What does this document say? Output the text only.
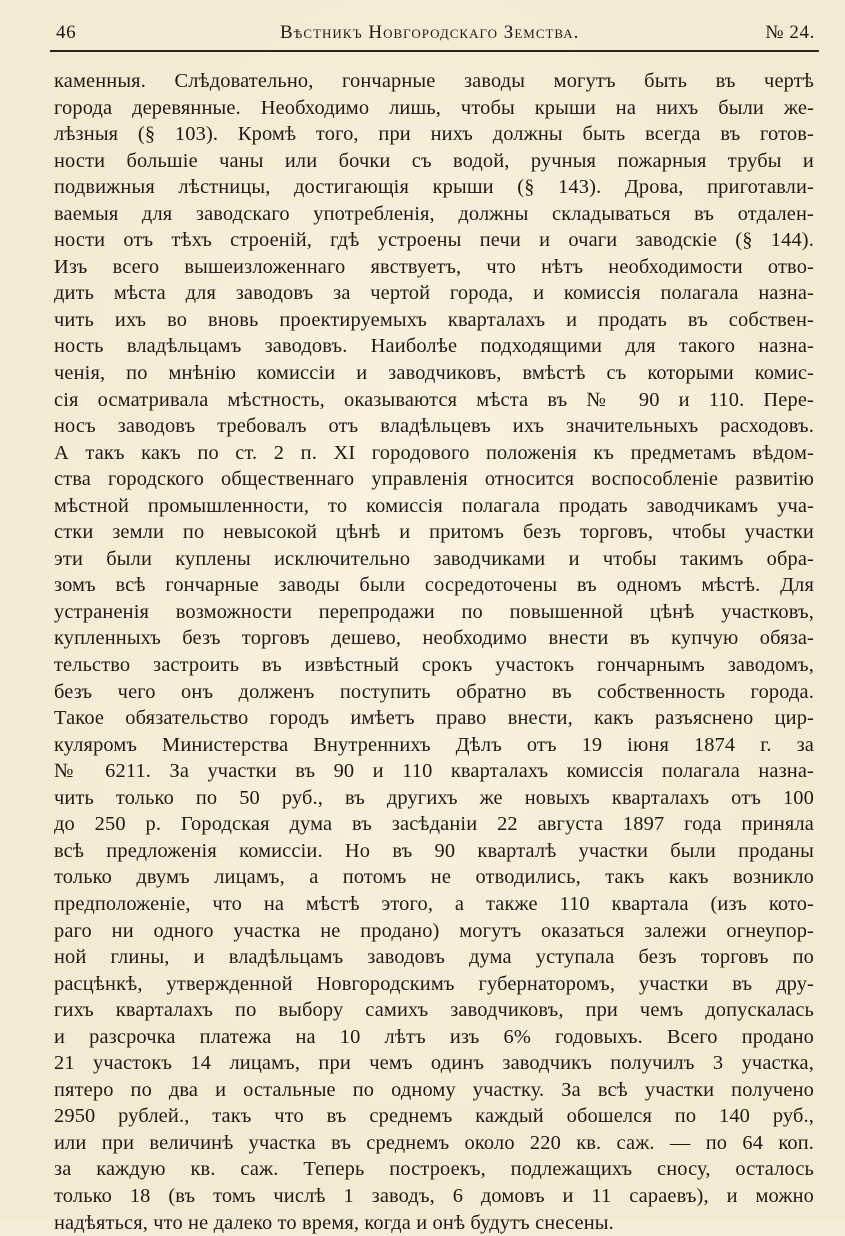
46	Вѣстникъ Новгородскаго Земства.	№ 24.
каменныя. Слѣдовательно, гончарные заводы могутъ быть въ чертѣ
города деревянные. Необходимо лишь, чтобы крыши на нихъ были же-
лѣзныя (§ 103). Кромѣ того, при нихъ должны быть всегда въ готов-
ности большіе чаны или бочки съ водой, ручныя пожарныя трубы и
подвижныя лѣстницы, достигающія крыши (§ 143). Дрова, приготавли-
ваемыя для заводскаго употребленія, должны складываться въ отдален-
ности отъ тѣхъ строеній, гдѣ устроены печи и очаги заводскіе (§ 144).
Изъ всего вышеизложеннаго явствуетъ, что нѣтъ необходимости отво-
дить мѣста для заводовъ за чертой города, и комиссія полагала назна-
чить ихъ во вновь проектируемыхъ кварталахъ и продать въ собствен-
ность владѣльцамъ заводовъ. Наиболѣе подходящими для такого назна-
ченія, по мнѣнію комиссіи и заводчиковъ, вмѣстѣ съ которыми комис-
сія осматривала мѣстность, оказываются мѣста въ № 90 и 110. Пере-
носъ заводовъ требовалъ отъ владѣльцевъ ихъ значительныхъ расходовъ.
А такъ какъ по ст. 2 п. XI городового положенія къ предметамъ вѣдом-
ства городского общественнаго управленія относится воспособленіе развитію
мѣстной промышленности, то комиссія полагала продать заводчикамъ уча-
стки земли по невысокой цѣнѣ и притомъ безъ торговъ, чтобы участки
эти были куплены исключительно заводчиками и чтобы такимъ обра-
зомъ всѣ гончарные заводы были сосредоточены въ одномъ мѣстѣ. Для
устраненія возможности перепродажи по повышенной цѣнѣ участковъ,
купленныхъ безъ торговъ дешево, необходимо внести въ купчую обяза-
тельство застроить въ извѣстный срокъ участокъ гончарнымъ заводомъ,
безъ чего онъ долженъ поступить обратно въ собственность города.
Такое обязательство городъ имѣетъ право внести, какъ разъяснено цир-
куляромъ Министерства Внутреннихъ Дѣлъ отъ 19 іюня 1874 г. за
№ 6211. За участки въ 90 и 110 кварталахъ комиссія полагала назна-
чить только по 50 руб., въ другихъ же новыхъ кварталахъ отъ 100
до 250 р. Городская дума въ засѣданіи 22 августа 1897 года приняла
всѣ предложенія комиссіи. Но въ 90 кварталѣ участки были проданы
только двумъ лицамъ, а потомъ не отводились, такъ какъ возникло
предположеніе, что на мѣстѣ этого, а также 110 квартала (изъ кото-
раго ни одного участка не продано) могутъ оказаться залежи огнеупор-
ной глины, и владѣльцамъ заводовъ дума уступала безъ торговъ по
расцѣнкѣ, утвержденной Новгородскимъ губернаторомъ, участки въ дру-
гихъ кварталахъ по выбору самихъ заводчиковъ, при чемъ допускалась
и разсрочка платежа на 10 лѣтъ изъ 6% годовыхъ. Всего продано
21 участокъ 14 лицамъ, при чемъ одинъ заводчикъ получилъ 3 участка,
пятеро по два и остальные по одному участку. За всѣ участки получено
2950 рублей., такъ что въ среднемъ каждый обошелся по 140 руб.,
или при величинѣ участка въ среднемъ около 220 кв. саж. — по 64 коп.
за каждую кв. саж. Теперь построекъ, подлежащихъ сносу, осталось
только 18 (въ томъ числѣ 1 заводъ, 6 домовъ и 11 сараевъ), и можно
надѣяться, что не далеко то время, когда и онѣ будутъ снесены.
